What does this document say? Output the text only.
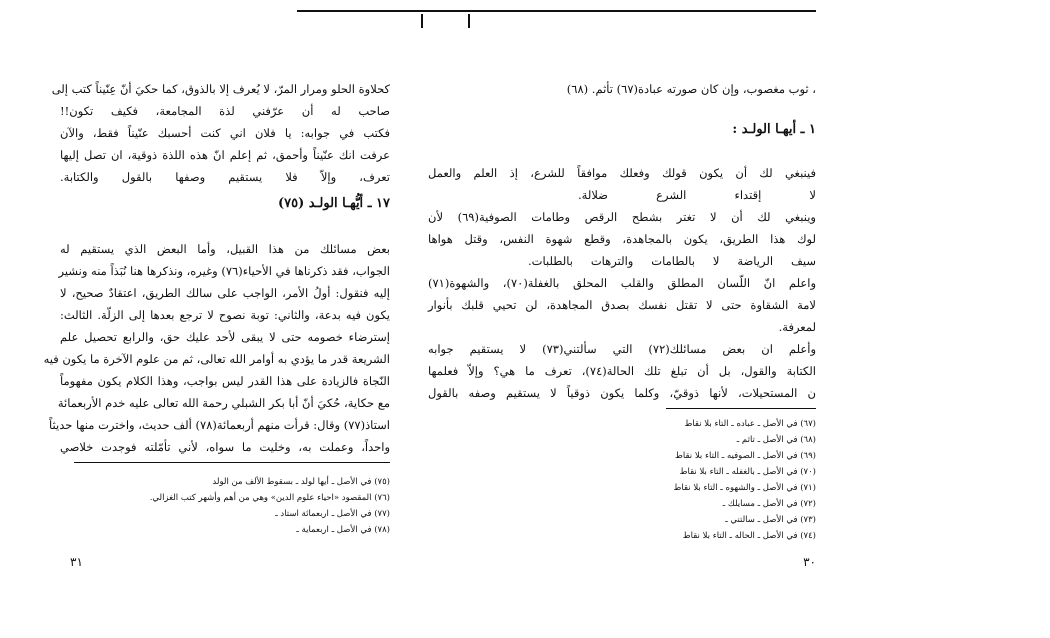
كحلاوة الحلو ومرار المرّ، لا يُعرف إلا بالذوق، كما حكيَ أنّ عِنّيناً كتب إلى

صاحب له أن عرّفني لذة المجامعة، فكيف تكون!!

فكتب في جوابه: يا فلان اني كنت أحسبك عنّيناً فقط، والآن

عرفت انك عنّيناً وأحمق، ثم إعلم انّ هذه اللذة ذوقية، ان تصل إليها

تعرف، وإلاّ فلا يستقيم وصفها بالقول والكتابة.

١٧ ـ أيُّهـا الولـد (٧٥)

بعض مسائلك من هذا القبيل، وأما البعض الذي يستقيم له

الجواب، فقد ذكرناها في الأحياء(٧٦) وغيره، ونذكرها هنا نُبَذاً منه ونشير

إليه فنقول: أولُ الأمر، الواجب على سالك الطريق، اعتقادٌ صحيح، لا

يكون فيه بدعة، والثاني: توبة نصوح لا ترجع بعدها إلى الزلّة. الثالث:

إسترضاء خصومه حتى لا يبقى لأحد عليك حق، والرابع تحصيل علم

الشريعة قدر ما يؤدي به أوامر الله تعالى، ثم من علوم الآخرة ما يكون فيه

النّجاة فالزيادة على هذا القدر ليس بواجب، وهذا الكلام يكون مفهوماً

مع حكاية، حُكيَ أنّ أبا بكر الشبلي رحمة الله تعالى عليه خدم الأربعمائة

استاذ(٧٧) وقال: قرأت منهم أربعمائة(٧٨) ألف حديث، واخترت منها حديثاً

واحداً، وعملت به، وخليت ما سواه، لأني تأمّلته فوجدت خلاصي

(٧٥) في الأصل ـ أيها لولد ـ بسقوط الألف من الولد

(٧٦) المقصود «احياء علوم الدين» وهي من أهم وأشهر كتب الغزالي.

(٧٧) في الأصل ـ اربعمائة استاد ـ

(٧٨) في الأصل ـ اربعماية ـ

٣١

، ثوب مغصوب، وإن كان صورته عبادة(٦٧) تأثم. (٦٨)

١ ـ أيهـا الولـد :

فينبغي لك أن يكون قولك وفعلك موافقاً للشرع، إذ العلم والعمل

لا إقتداء الشرع ضلالة.

وينبغي لك أن لا تغتر بشطح الرقص وطامات الصوفية(٦٩) لأن

لوك هذا الطريق، يكون بالمجاهدة، وقطع شهوة النفس، وقتل هواها

سيف الرياضة لا بالطامات والترهات بالطلبات.

واعلم انّ اللّسان المطلق والقلب المحلق بالغفلة(٧٠)، والشهوة(٧١)

لامة الشقاوة حتى لا تقتل نفسك بصدق المجاهدة، لن تحيي قلبك بأنوار

لمعرفة.

وأعلم ان بعض مسائلك(٧٢) التي سألتني(٧٣) لا يستقيم جوابه

الكتابة والقول، بل أن تبلغ تلك الحالة(٧٤)، تعرف ما هي؟ وإلاّ فعلمها

ن المستحيلات، لأنها ذوقيّ، وكلما يكون ذوقياً لا يستقيم وصفه بالقول

(٦٧) في الأصل ـ عباده ـ التاء بلا نقاط

(٦٨) في الأصل ـ تاثم ـ

(٦٩) في الأصل ـ الصوفيه ـ التاء بلا نقاط

(٧٠) في الأصل ـ بالغفله ـ التاء بلا نقاط

(٧١) في الأصل ـ والشهوه ـ التاء بلا نقاط

(٧٢) في الأصل ـ مسايلك ـ

(٧٣) في الأصل ـ سالتني ـ

(٧٤) في الأصل ـ الحاله ـ التاء بلا نقاط

٣٠
